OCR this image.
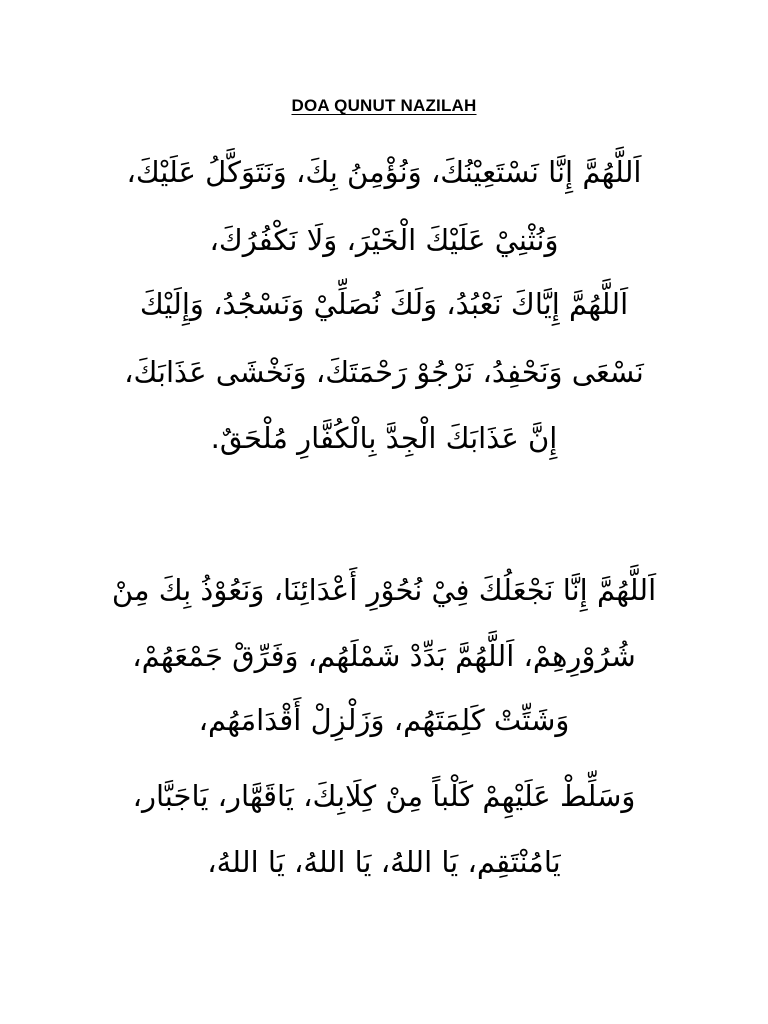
DOA QUNUT NAZILAH
اَللَّهُمَّ إِنَّا نَسْتَعِيْنُكَ، وَنُؤْمِنُ بِكَ، وَنَتَوَكَّلُ عَلَيْكَ،
وَنُثْنِيْ عَلَيْكَ الْخَيْرَ، وَلَا نَكْفُرُكَ،
اَللَّهُمَّ إِيَّاكَ نَعْبُدُ، وَلَكَ نُصَلِّيْ وَنَسْجُدُ، وَإِلَيْكَ
نَسْعَى وَنَحْفِدُ، نَرْجُوْ رَحْمَتَكَ، وَنَخْشَى عَذَابَكَ،
إِنَّ عَذَابَكَ الْجِدَّ بِالْكُفَّارِ مُلْحَقٌ.
اَللَّهُمَّ إِنَّا نَجْعَلُكَ فِيْ نُحُوْرِ أَعْدَائِنَا، وَنَعُوْذُ بِكَ مِنْ
شُرُوْرِهِمْ، اَللَّهُمَّ بَدِّدْ شَمْلَهُم، وَفَرِّقْ جَمْعَهُمْ،
وَشَتِّتْ كَلِمَتَهُم، وَزَلْزِلْ أَقْدَامَهُم،
وَسَلِّطْ عَلَيْهِمْ كَلْباً مِنْ كِلَابِكَ، يَاقَهَّار، يَاجَبَّار،
يَامُنْتَقِم، يَا اللهُ، يَا اللهُ، يَا اللهُ،
